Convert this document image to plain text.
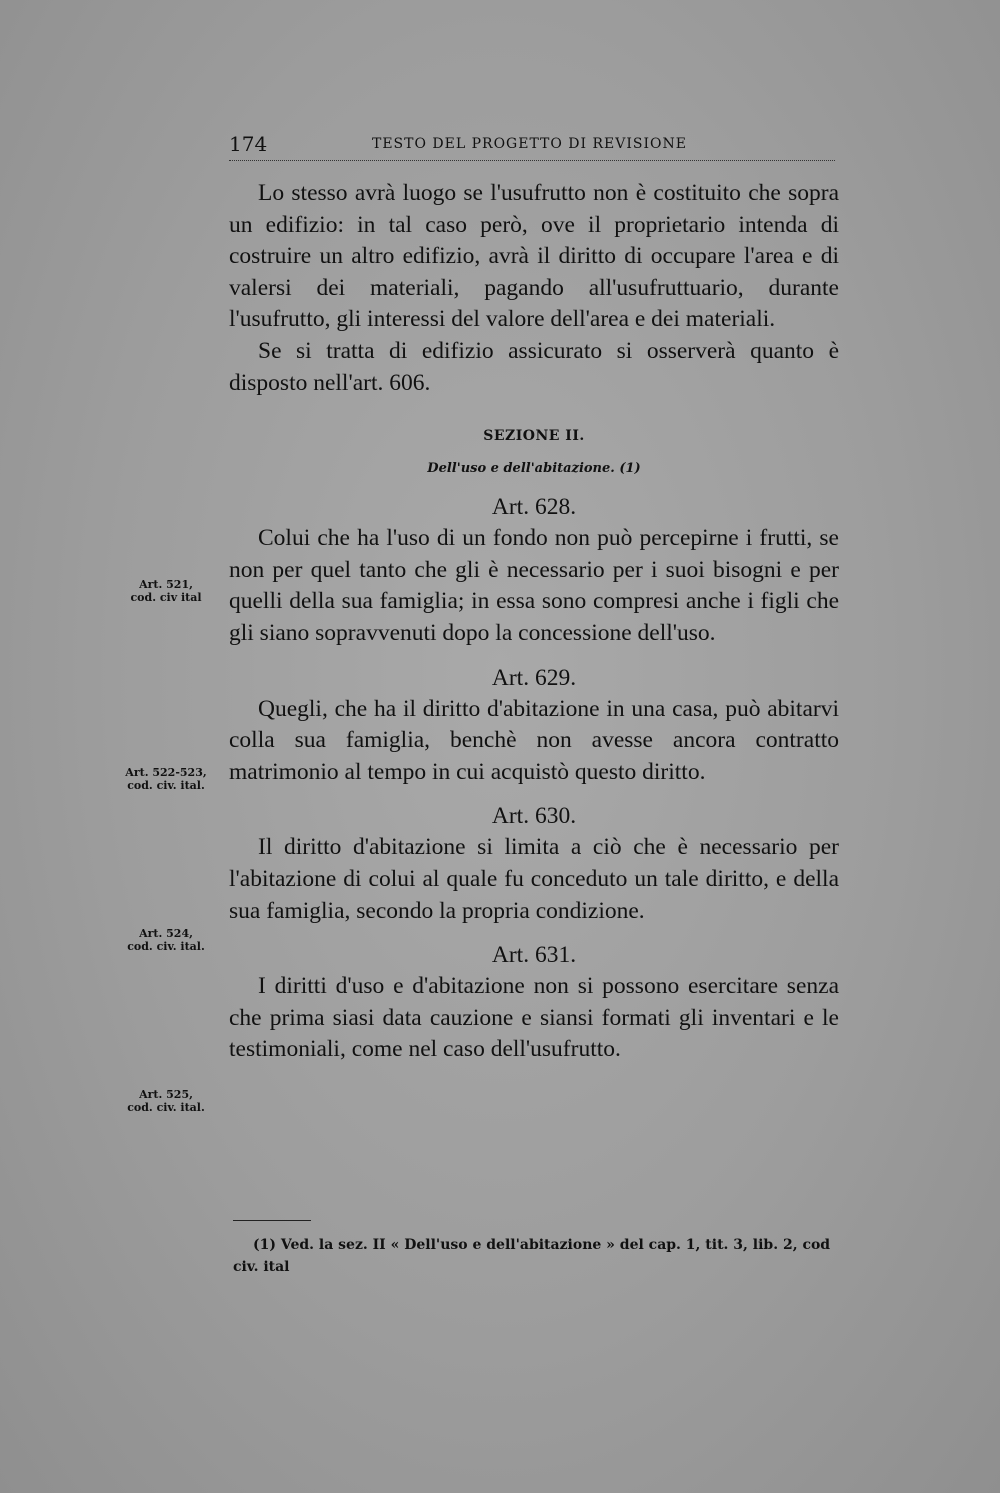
174	TESTO DEL PROGETTO DI REVISIONE

Lo stesso avrà luogo se l'usufrutto non è costituito che sopra un edifizio: in tal caso però, ove il proprietario intenda di costruire un altro edifizio, avrà il diritto di occupare l'area e di valersi dei materiali, pagando all'usufruttuario, durante l'usufrutto, gli interessi del valore dell'area e dei materiali.

Se si tratta di edifizio assicurato si osserverà quanto è disposto nell'art. 606.

SEZIONE II.
Dell'uso e dell'abitazione. (1)
Art. 628.

Colui che ha l'uso di un fondo non può percepirne i frutti, se non per quel tanto che gli è necessario per i suoi bisogni e per quelli della sua famiglia; in essa sono compresi anche i figli che gli siano sopravvenuti dopo la concessione dell'uso.

Art. 629.

Quegli, che ha il diritto d'abitazione in una casa, può abitarvi colla sua famiglia, benchè non avesse ancora contratto matrimonio al tempo in cui acquistò questo diritto.

Art. 630.

Il diritto d'abitazione si limita a ciò che è necessario per l'abitazione di colui al quale fu conceduto un tale diritto, e della sua famiglia, secondo la propria condizione.

Art. 631.

I diritti d'uso e d'abitazione non si possono esercitare senza che prima siasi data cauzione e siansi formati gli inventari e le testimoniali, come nel caso dell'usufrutto.

Art. 521,
cod. civ ital
Art. 522-523,
cod. civ. ital.
Art. 524,
cod. civ. ital.
Art. 525,
cod. civ. ital.
(1) Ved. la sez. II « Dell'uso e dell'abitazione » del cap. 1, tit. 3, lib. 2, cod civ. ital
